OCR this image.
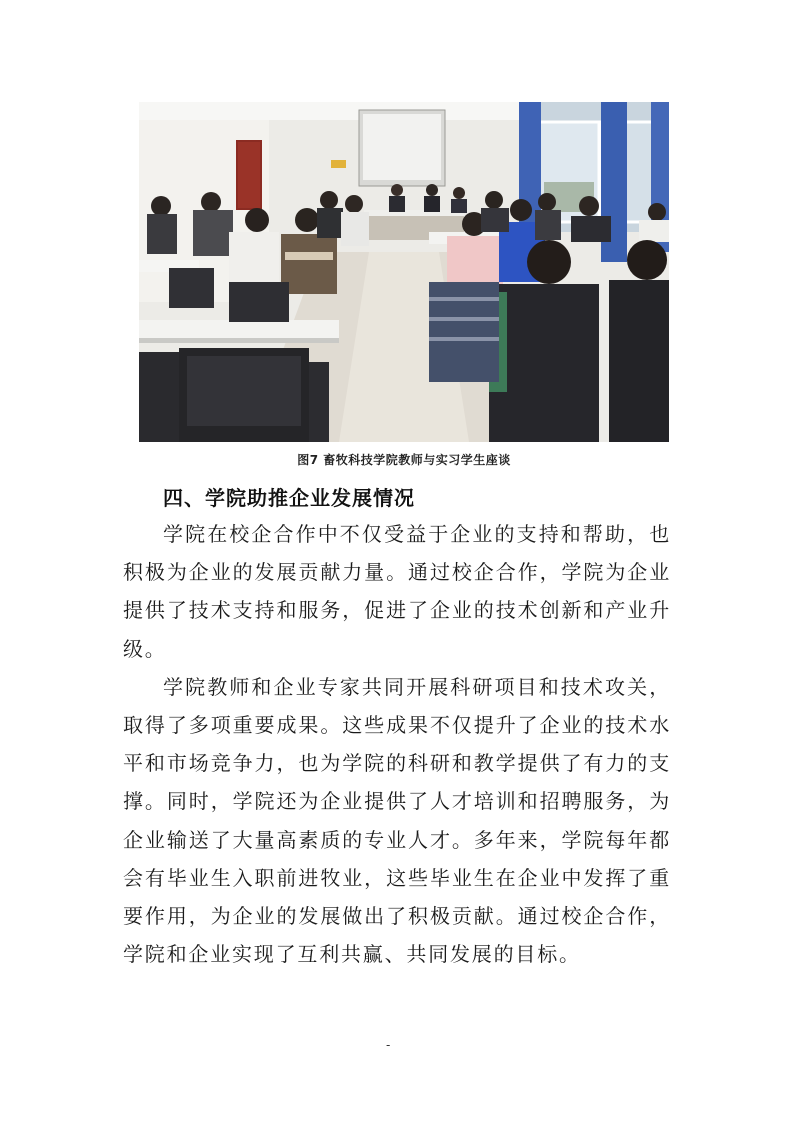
图7 畜牧科技学院教师与实习学生座谈
四、学院助推企业发展情况

学院在校企合作中不仅受益于企业的支持和帮助，也积极为企业的发展贡献力量。通过校企合作，学院为企业提供了技术支持和服务，促进了企业的技术创新和产业升级。

学院教师和企业专家共同开展科研项目和技术攻关，取得了多项重要成果。这些成果不仅提升了企业的技术水平和市场竞争力，也为学院的科研和教学提供了有力的支撑。同时，学院还为企业提供了人才培训和招聘服务，为企业输送了大量高素质的专业人才。多年来，学院每年都会有毕业生入职前进牧业，这些毕业生在企业中发挥了重要作用，为企业的发展做出了积极贡献。通过校企合作，学院和企业实现了互利共赢、共同发展的目标。

-
